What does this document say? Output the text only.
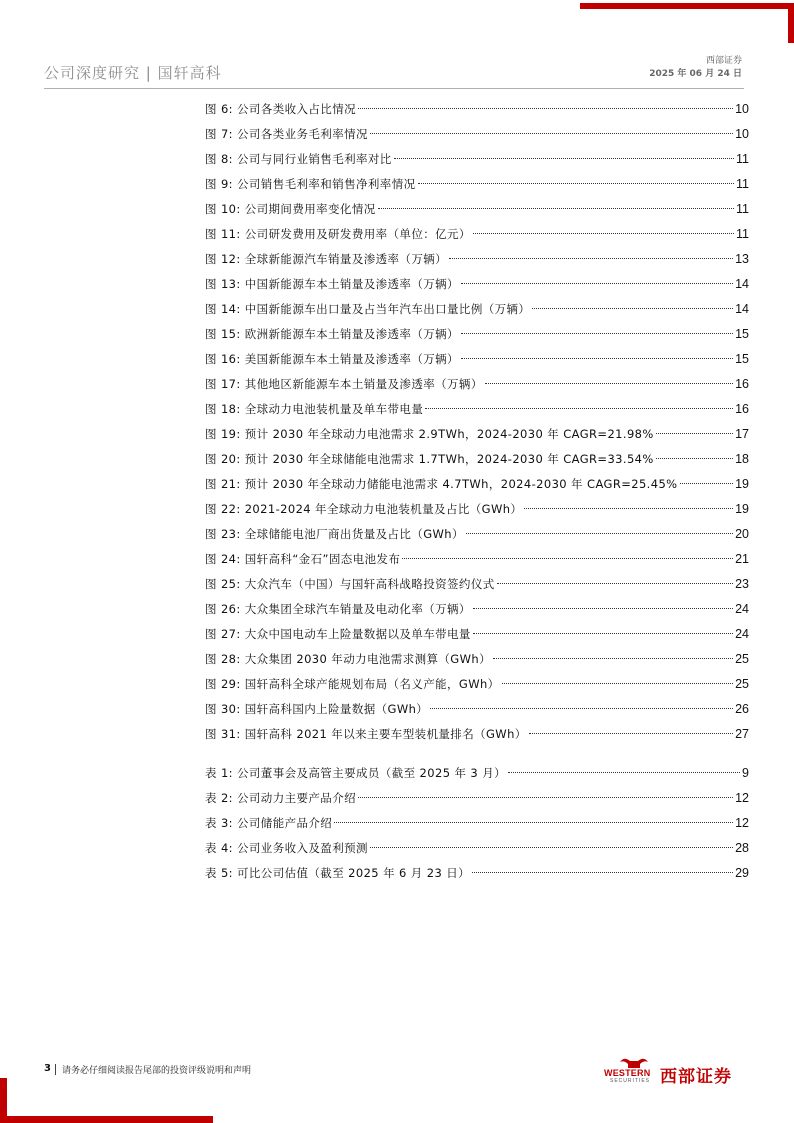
公司深度研究 | 国轩高科
西部证券
2025 年 06 月 24 日
图 6: 公司各类收入占比情况	10
图 7: 公司各类业务毛利率情况	10
图 8: 公司与同行业销售毛利率对比	11
图 9: 公司销售毛利率和销售净利率情况	11
图 10: 公司期间费用率变化情况	11
图 11: 公司研发费用及研发费用率（单位：亿元）	11
图 12: 全球新能源汽车销量及渗透率（万辆）	13
图 13: 中国新能源车本土销量及渗透率（万辆）	14
图 14: 中国新能源车出口量及占当年汽车出口量比例（万辆）	14
图 15: 欧洲新能源车本土销量及渗透率（万辆）	15
图 16: 美国新能源车本土销量及渗透率（万辆）	15
图 17: 其他地区新能源车本土销量及渗透率（万辆）	16
图 18: 全球动力电池装机量及单车带电量	16
图 19: 预计 2030 年全球动力电池需求 2.9TWh，2024-2030 年 CAGR=21.98%	17
图 20: 预计 2030 年全球储能电池需求 1.7TWh，2024-2030 年 CAGR=33.54%	18
图 21: 预计 2030 年全球动力储能电池需求 4.7TWh，2024-2030 年 CAGR=25.45%	19
图 22: 2021-2024 年全球动力电池装机量及占比（GWh）	19
图 23: 全球储能电池厂商出货量及占比（GWh）	20
图 24: 国轩高科“金石”固态电池发布	21
图 25: 大众汽车（中国）与国轩高科战略投资签约仪式	23
图 26: 大众集团全球汽车销量及电动化率（万辆）	24
图 27: 大众中国电动车上险量数据以及单车带电量	24
图 28: 大众集团 2030 年动力电池需求测算（GWh）	25
图 29: 国轩高科全球产能规划布局（名义产能，GWh）	25
图 30: 国轩高科国内上险量数据（GWh）	26
图 31: 国轩高科 2021 年以来主要车型装机量排名（GWh）	27
表 1: 公司董事会及高管主要成员（截至 2025 年 3 月）	9
表 2: 公司动力主要产品介绍	12
表 3: 公司储能产品介绍	12
表 4: 公司业务收入及盈利预测	28
表 5: 可比公司估值（截至 2025 年 6 月 23 日）	29
3 请务必仔细阅读报告尾部的投资评级说明和声明	WESTERN
SECURITIES 西部证券
